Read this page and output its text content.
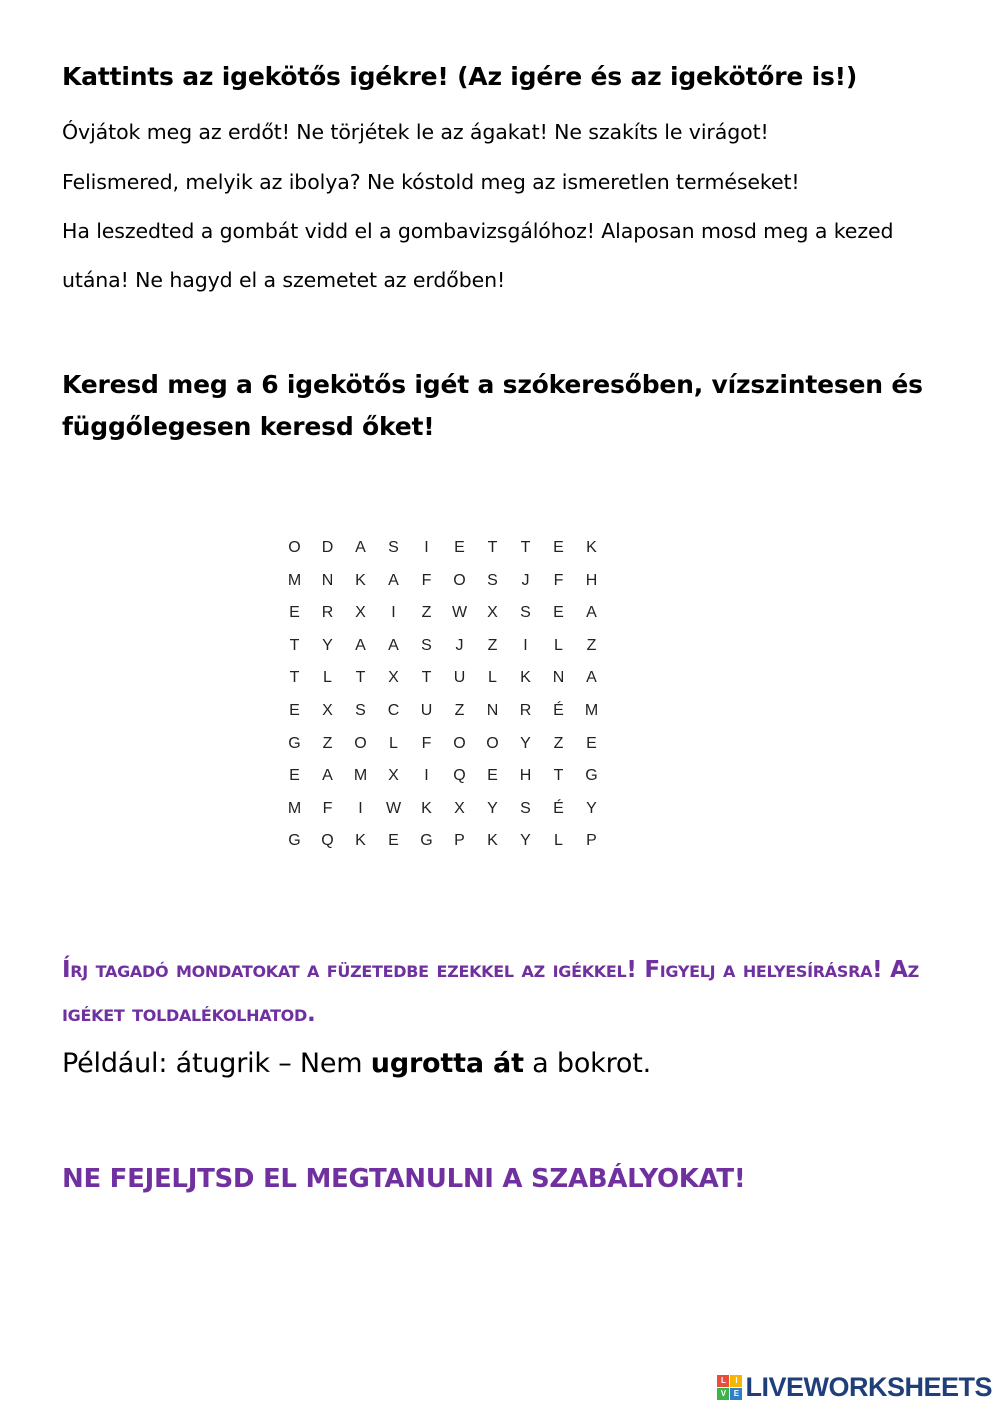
Kattints az igekötős igékre! (Az igére és az igekötőre is!)
Óvjátok meg az erdőt! Ne törjétek le az ágakat! Ne szakíts le virágot!
Felismered, melyik az ibolya? Ne kóstold meg az ismeretlen terméseket!
Ha leszedted a gombát vidd el a gombavizsgálóhoz! Alaposan mosd meg a kezed
utána! Ne hagyd el a szemetet az erdőben!
Keresd meg a 6 igekötős igét a szókeresőben, vízszintesen és függőlegesen keresd őket!
O	D	A	S	I	E	T	T	E	K
M	N	K	A	F	O	S	J	F	H
E	R	X	I	Z	W	X	S	E	A
T	Y	A	A	S	J	Z	I	L	Z
T	L	T	X	T	U	L	K	N	A
E	X	S	C	U	Z	N	R	É	M
G	Z	O	L	F	O	O	Y	Z	E
E	A	M	X	I	Q	E	H	T	G
M	F	I	W	K	X	Y	S	É	Y
G	Q	K	E	G	P	K	Y	L	P
Írj tagadó mondatokat a füzetedbe ezekkel az igékkel! Figyelj a helyesírásra! Az igéket toldalékolhatod.
Például: átugrik – Nem ugrotta át a bokrot.
NE FEJELJTSD EL MEGTANULNI A SZABÁLYOKAT!
L	I
V E LIVEWORKSHEETS
